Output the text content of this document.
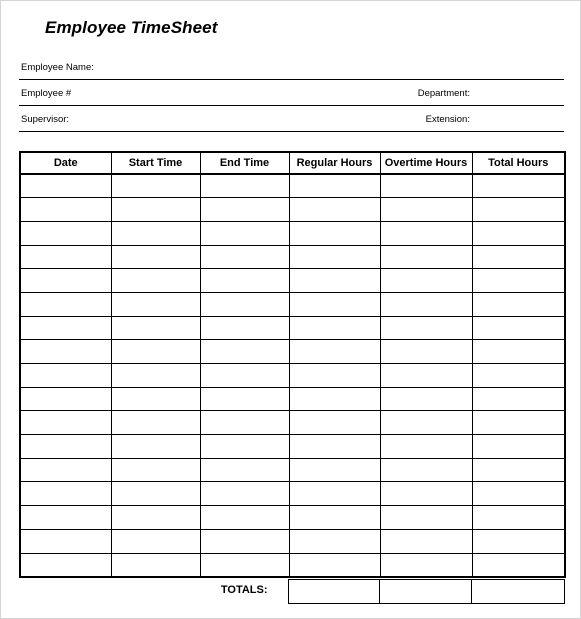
Employee TimeSheet
Employee Name:
Employee #	Department:
Supervisor:	Extension:
Date	Start Time	End Time	Regular Hours	Overtime Hours	Total Hours

TOTALS:			
